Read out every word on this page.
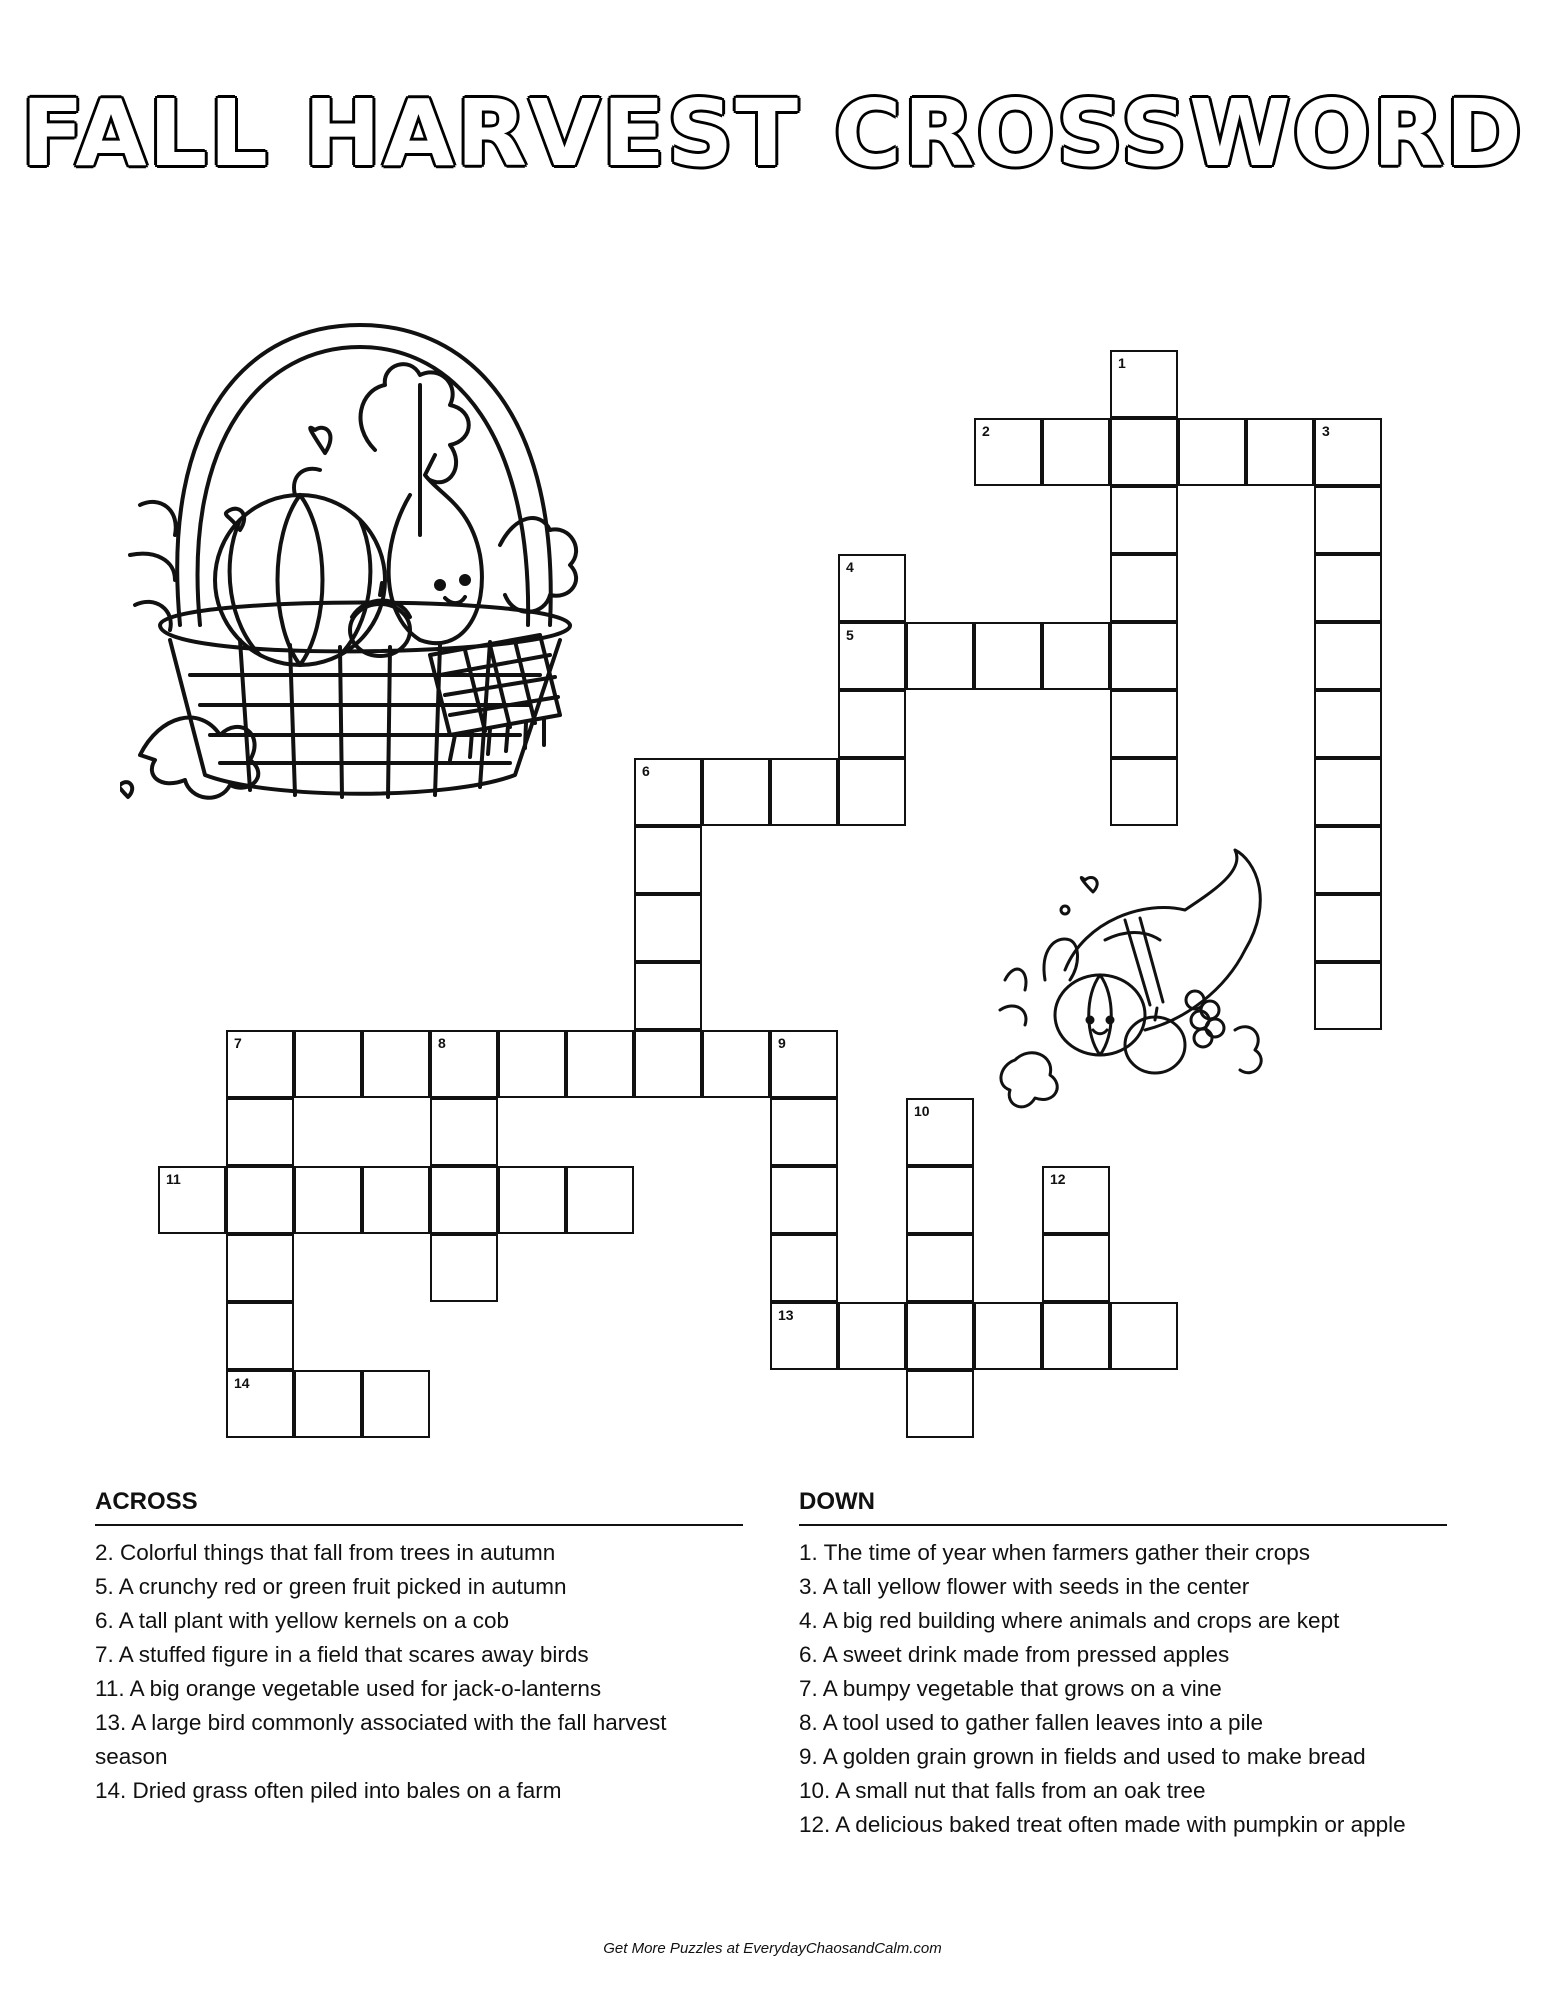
FALL HARVEST CROSSWORD
1
2	3
4
5
6
7	8
14
9
13
10
11	12
ACROSS
2. Colorful things that fall from trees in autumn
5. A crunchy red or green fruit picked in autumn
6. A tall plant with yellow kernels on a cob
7. A stuffed figure in a field that scares away birds
11. A big orange vegetable used for jack-o-lanterns
13. A large bird commonly associated with the fall harvest season
14. Dried grass often piled into bales on a farm
DOWN
1. The time of year when farmers gather their crops
3. A tall yellow flower with seeds in the center
4. A big red building where animals and crops are kept
6. A sweet drink made from pressed apples
7. A bumpy vegetable that grows on a vine
8. A tool used to gather fallen leaves into a pile
9. A golden grain grown in fields and used to make bread
10. A small nut that falls from an oak tree
12. A delicious baked treat often made with pumpkin or apple
Get More Puzzles at EverydayChaosandCalm.com
